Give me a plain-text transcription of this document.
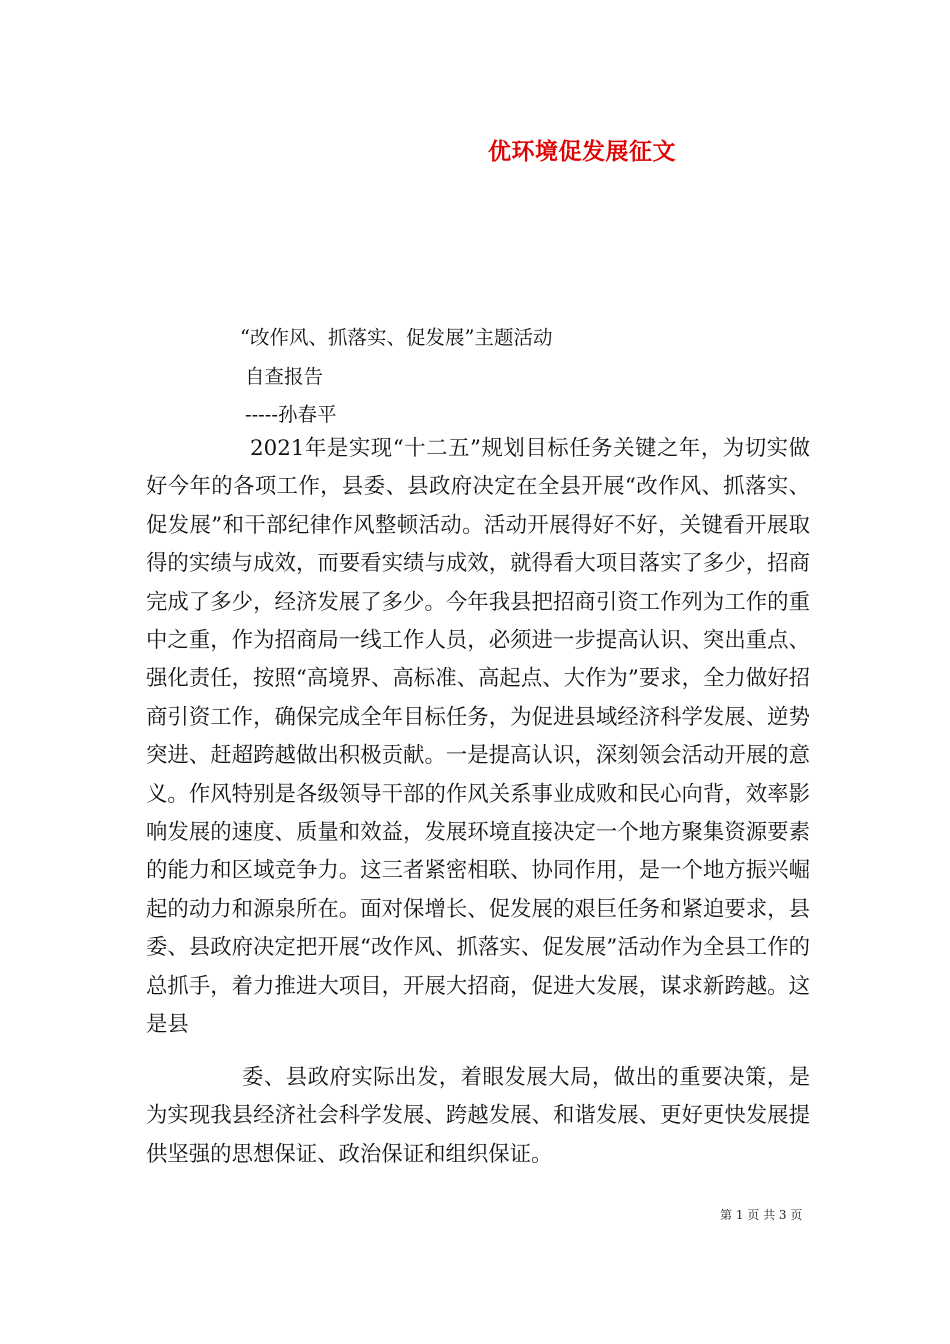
优环境促发展征文
“改作风、抓落实、促发展”主题活动
自查报告
-----孙春平

2021年是实现“十二五”规划目标任务关键之年，为切实做好今年的各项工作，县委、县政府决定在全县开展“改作风、抓落实、促发展”和干部纪律作风整顿活动。活动开展得好不好，关键看开展取得的实绩与成效，而要看实绩与成效，就得看大项目落实了多少，招商完成了多少，经济发展了多少。今年我县把招商引资工作列为工作的重中之重，作为招商局一线工作人员，必须进一步提高认识、突出重点、强化责任，按照“高境界、高标准、高起点、大作为”要求，全力做好招商引资工作，确保完成全年目标任务，为促进县域经济科学发展、逆势突进、赶超跨越做出积极贡献。一是提高认识，深刻领会活动开展的意义。作风特别是各级领导干部的作风关系事业成败和民心向背，效率影响发展的速度、质量和效益，发展环境直接决定一个地方聚集资源要素的能力和区域竞争力。这三者紧密相联、协同作用，是一个地方振兴崛起的动力和源泉所在。面对保增长、促发展的艰巨任务和紧迫要求，县委、县政府决定把开展“改作风、抓落实、促发展”活动作为全县工作的总抓手，着力推进大项目，开展大招商，促进大发展，谋求新跨越。这是县

委、县政府实际出发，着眼发展大局，做出的重要决策，是为实现我县经济社会科学发展、跨越发展、和谐发展、更好更快发展提供坚强的思想保证、政治保证和组织保证。

第 1 页 共 3 页
